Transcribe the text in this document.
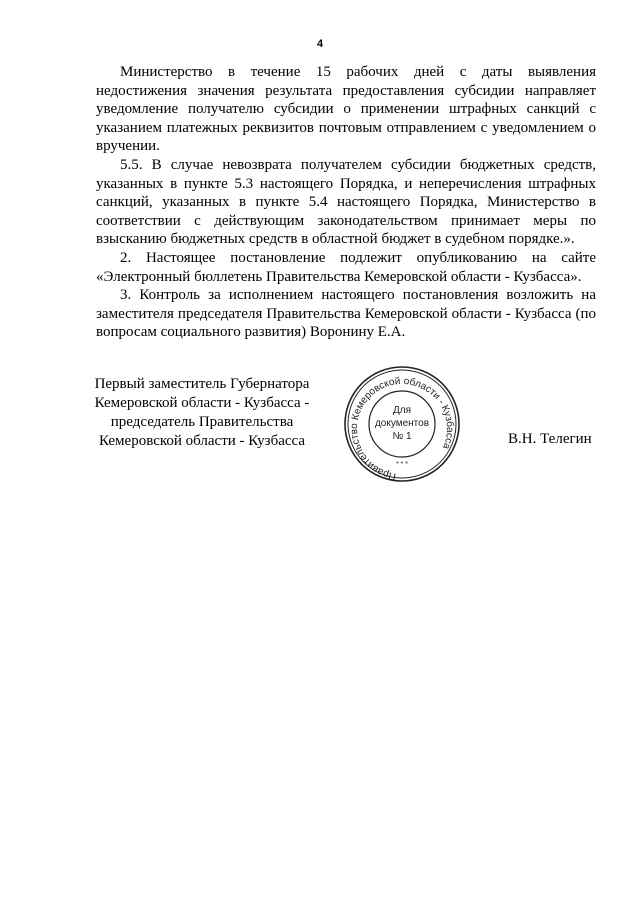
4

Министерство в течение 15 рабочих дней с даты выявления недостижения значения результата предоставления субсидии направляет уведомление получателю субсидии о применении штрафных санкций с указанием платежных реквизитов почтовым отправлением с уведомлением о вручении.

5.5. В случае невозврата получателем субсидии бюджетных средств, указанных в пункте 5.3 настоящего Порядка, и неперечисления штрафных санкций, указанных в пункте 5.4 настоящего Порядка, Министерство в соответствии с действующим законодательством принимает меры по взысканию бюджетных средств в областной бюджет в судебном порядке.».

2. Настоящее постановление подлежит опубликованию на сайте «Электронный бюллетень Правительства Кемеровской области - Кузбасса».

3. Контроль за исполнением настоящего постановления возложить на заместителя председателя Правительства Кемеровской области - Кузбасса (по вопросам социального развития) Воронину Е.А.

Первый заместитель Губернатора
Кемеровской области - Кузбасса -
председатель Правительства
Кемеровской области - Кузбасса
Правительство Кемеровской области - Кузбасса
* * *
Для
документов
№ 1	В.Н. Телегин
